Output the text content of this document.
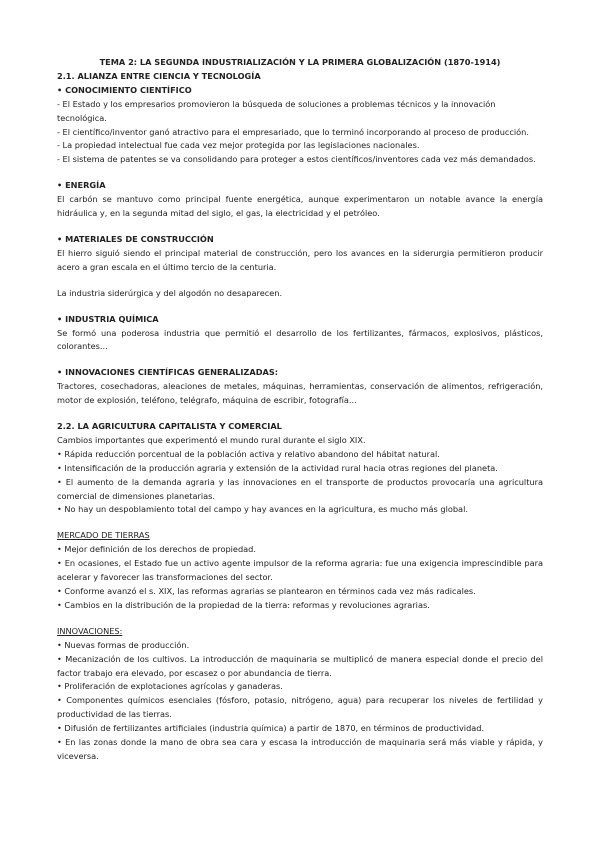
TEMA 2: LA SEGUNDA INDUSTRIALIZACIÓN Y LA PRIMERA GLOBALIZACIÓN (1870-1914)

2.1. ALIANZA ENTRE CIENCIA Y TECNOLOGÍA

• CONOCIMIENTO CIENTÍFICO

- El Estado y los empresarios promovieron la búsqueda de soluciones a problemas técnicos y la innovación tecnológica.

- El científico/inventor ganó atractivo para el empresariado, que lo terminó incorporando al proceso de producción.

- La propiedad intelectual fue cada vez mejor protegida por las legislaciones nacionales.

- El sistema de patentes se va consolidando para proteger a estos científicos/inventores cada vez más demandados.

• ENERGÍA

El carbón se mantuvo como principal fuente energética, aunque experimentaron un notable avance la energía hidráulica y, en la segunda mitad del siglo, el gas, la electricidad y el petróleo.

• MATERIALES DE CONSTRUCCIÓN

El hierro siguió siendo el principal material de construcción, pero los avances en la siderurgia permitieron producir acero a gran escala en el último tercio de la centuria.

La industria siderúrgica y del algodón no desaparecen.

• INDUSTRIA QUÍMICA

Se formó una poderosa industria que permitió el desarrollo de los fertilizantes, fármacos, explosivos, plásticos, colorantes...

• INNOVACIONES CIENTÍFICAS GENERALIZADAS:

Tractores, cosechadoras, aleaciones de metales, máquinas, herramientas, conservación de alimentos, refrigeración, motor de explosión, teléfono, telégrafo, máquina de escribir, fotografía...

2.2. LA AGRICULTURA CAPITALISTA Y COMERCIAL

Cambios importantes que experimentó el mundo rural durante el siglo XIX.

• Rápida reducción porcentual de la población activa y relativo abandono del hábitat natural.

• Intensificación de la producción agraria y extensión de la actividad rural hacia otras regiones del planeta.

• El aumento de la demanda agraria y las innovaciones en el transporte de productos provocaría una agricultura comercial de dimensiones planetarias.

• No hay un despoblamiento total del campo y hay avances en la agricultura, es mucho más global.

MERCADO DE TIERRAS

• Mejor definición de los derechos de propiedad.

• En ocasiones, el Estado fue un activo agente impulsor de la reforma agraria: fue una exigencia imprescindible para acelerar y favorecer las transformaciones del sector.

• Conforme avanzó el s. XIX, las reformas agrarias se plantearon en términos cada vez más radicales.

• Cambios en la distribución de la propiedad de la tierra: reformas y revoluciones agrarias.

INNOVACIONES:

• Nuevas formas de producción.

• Mecanización de los cultivos. La introducción de maquinaria se multiplicó de manera especial donde el precio del factor trabajo era elevado, por escasez o por abundancia de tierra.

• Proliferación de explotaciones agrícolas y ganaderas.

• Componentes químicos esenciales (fósforo, potasio, nitrógeno, agua) para recuperar los niveles de fertilidad y productividad de las tierras.

• Difusión de fertilizantes artificiales (industria química) a partir de 1870, en términos de productividad.

• En las zonas donde la mano de obra sea cara y escasa la introducción de maquinaria será más viable y rápida, y viceversa.
